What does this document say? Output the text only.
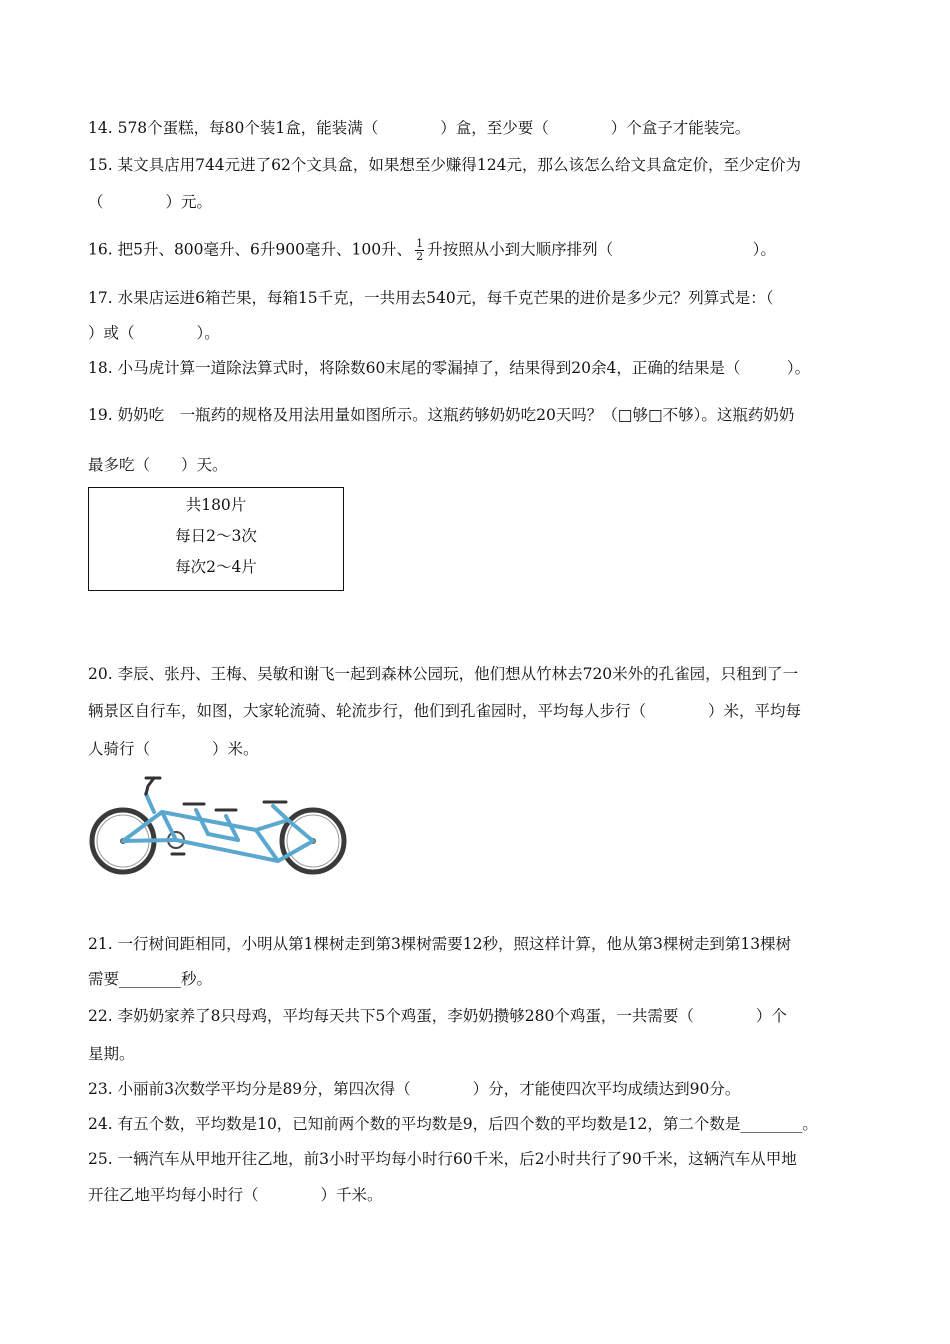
14. 578个蛋糕，每80个装1盒，能装满（　　　　）盒，至少要（　　　　）个盒子才能装完。
15. 某文具店用744元进了62个文具盒，如果想至少赚得124元，那么该怎么给文具盒定价，至少定价为
（　　　　）元。
16. 把5升、800毫升、6升900毫升、100升、 $\frac{1}{2}$ 升按照从小到大顺序排列（　　　　　　　　　）。
17. 水果店运进6箱芒果，每箱15千克，一共用去540元，每千克芒果的进价是多少元？列算式是：（
）或（　　　　）。
18. 小马虎计算一道除法算式时，将除数60末尾的零漏掉了，结果得到20余4，正确的结果是（　　　）。
19. 奶奶吃　一瓶药的规格及用法用量如图所示。这瓶药够奶奶吃20天吗？（□够□不够）。这瓶药奶奶
最多吃（　　）天。
共180片
每日2～3次
每次2～4片
20. 李辰、张丹、王梅、吴敏和谢飞一起到森林公园玩，他们想从竹林去720米外的孔雀园，只租到了一
辆景区自行车，如图，大家轮流骑、轮流步行，他们到孔雀园时，平均每人步行（　　　　）米，平均每
人骑行（　　　　）米。
21. 一行树间距相同，小明从第1棵树走到第3棵树需要12秒，照这样计算，他从第3棵树走到第13棵树
需要________秒。
22. 李奶奶家养了8只母鸡，平均每天共下5个鸡蛋，李奶奶攒够280个鸡蛋，一共需要（　　　　）个
星期。
23. 小丽前3次数学平均分是89分，第四次得（　　　　）分，才能使四次平均成绩达到90分。
24. 有五个数，平均数是10，已知前两个数的平均数是9，后四个数的平均数是12，第二个数是________。
25. 一辆汽车从甲地开往乙地，前3小时平均每小时行60千米，后2小时共行了90千米，这辆汽车从甲地
开往乙地平均每小时行（　　　　）千米。
